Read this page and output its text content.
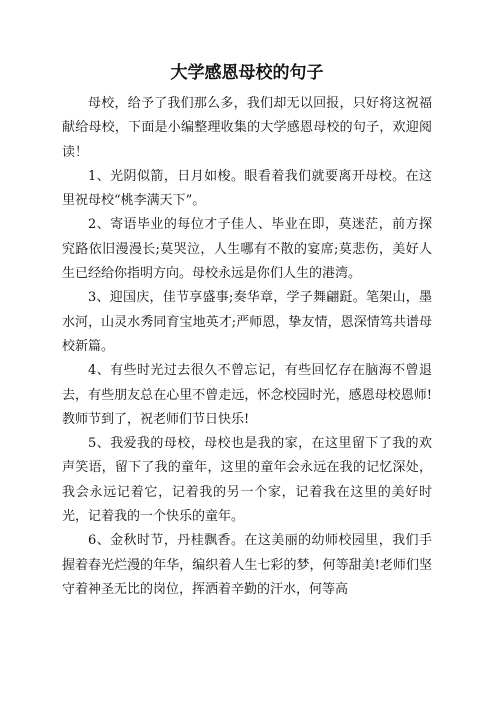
大学感恩母校的句子

母校，给予了我们那么多，我们却无以回报，只好将这祝福献给母校，下面是小编整理收集的大学感恩母校的句子，欢迎阅读！

1、光阴似箭，日月如梭。眼看着我们就要离开母校。在这里祝母校“桃李满天下”。

2、寄语毕业的每位才子佳人、毕业在即，莫迷茫，前方探究路依旧漫漫长;莫哭泣，人生哪有不散的宴席;莫悲伤，美好人生已经给你指明方向。母校永远是你们人生的港湾。

3、迎国庆，佳节享盛事;奏华章，学子舞翩跹。笔架山，墨水河，山灵水秀同育宝地英才;严师恩，挚友情，恩深情笃共谱母校新篇。

4、有些时光过去很久不曾忘记，有些回忆存在脑海不曾退去，有些朋友总在心里不曾走远，怀念校园时光，感恩母校恩师!教师节到了，祝老师们节日快乐!

5、我爱我的母校，母校也是我的家，在这里留下了我的欢声笑语，留下了我的童年，这里的童年会永远在我的记忆深处，我会永远记着它，记着我的另一个家，记着我在这里的美好时光，记着我的一个快乐的童年。

6、金秋时节，丹桂飘香。在这美丽的幼师校园里，我们手握着春光烂漫的年华，编织着人生七彩的梦，何等甜美!老师们坚守着神圣无比的岗位，挥洒着辛勤的汗水，何等高
